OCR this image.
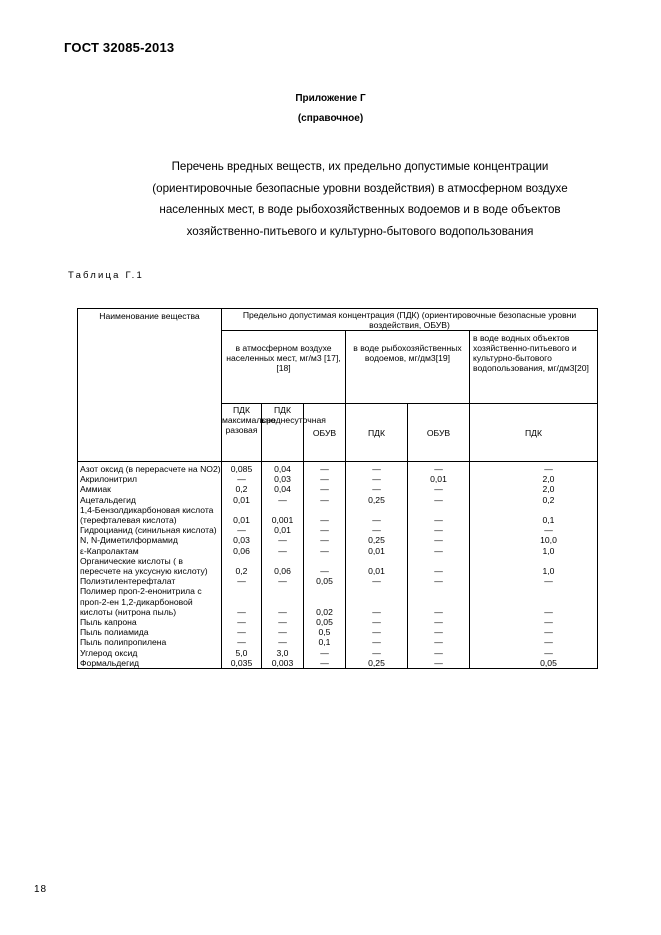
ГОСТ 32085-2013
Приложение Г
(справочное)
Перечень вредных веществ, их предельно допустимые концентрации
(ориентировочные безопасные уровни воздействия) в атмосферном воздухе
населенных мест, в воде рыбохозяйственных водоемов и в воде объектов
хозяйственно-питьевого и культурно-бытового водопользования
Таблица Г.1
Наименование вещества	Предельно допустимая концентрация (ПДК) (ориентировочные безопасные уровни воздействия, ОБУВ)					
	в атмосферном воздухе населенных мест, мг/м3 [17], [18]			в воде рыбохозяйственных водоемов, мг/дм3[19]		в воде водных объектов хозяйственно-питьевого и культурно-бытового водопользования, мг/дм3[20]
	ПДК максимально разовая	ПДК среднесуточная	ОБУВ	ПДК	ОБУВ	ПДК
Азот оксид (в перерасчете на NO2)	0,085	0,04	—	—	—	—
Акрилонитрил	—	0,03	—	—	0,01	2,0
Аммиак	0,2	0,04	—	—	—	2,0
Ацетальдегид	0,01	—	—	0,25	—	0,2
1,4-Бензолдикарбоновая кислота (терефталевая кислота)	0,01	0,001	—	—	—	0,1
Гидроцианид (синильная кислота)	—	0,01	—	—	—	—
N, N-Диметилформамид	0,03	—	—	0,25	—	10,0
ε-Капролактам	0,06	—	—	0,01	—	1,0
Органические кислоты ( в пересчете на уксусную кислоту)	0,2	0,06	—	0,01	—	1,0
Полиэтилентерефталат	—	—	0,05	—	—	—
Полимер проп-2-енонитрила с проп-2-ен 1,2-дикарбоновой кислоты (нитрона пыль)	—	—	0,02	—	—	—
Пыль капрона	—	—	0,05	—	—	—
Пыль полиамида	—	—	0,5	—	—	—
Пыль полипропилена	—	—	0,1	—	—	—
Углерод оксид	5,0	3,0	—	—	—	—
Формальдегид	0,035	0,003	—	0,25	—	0,05
18
